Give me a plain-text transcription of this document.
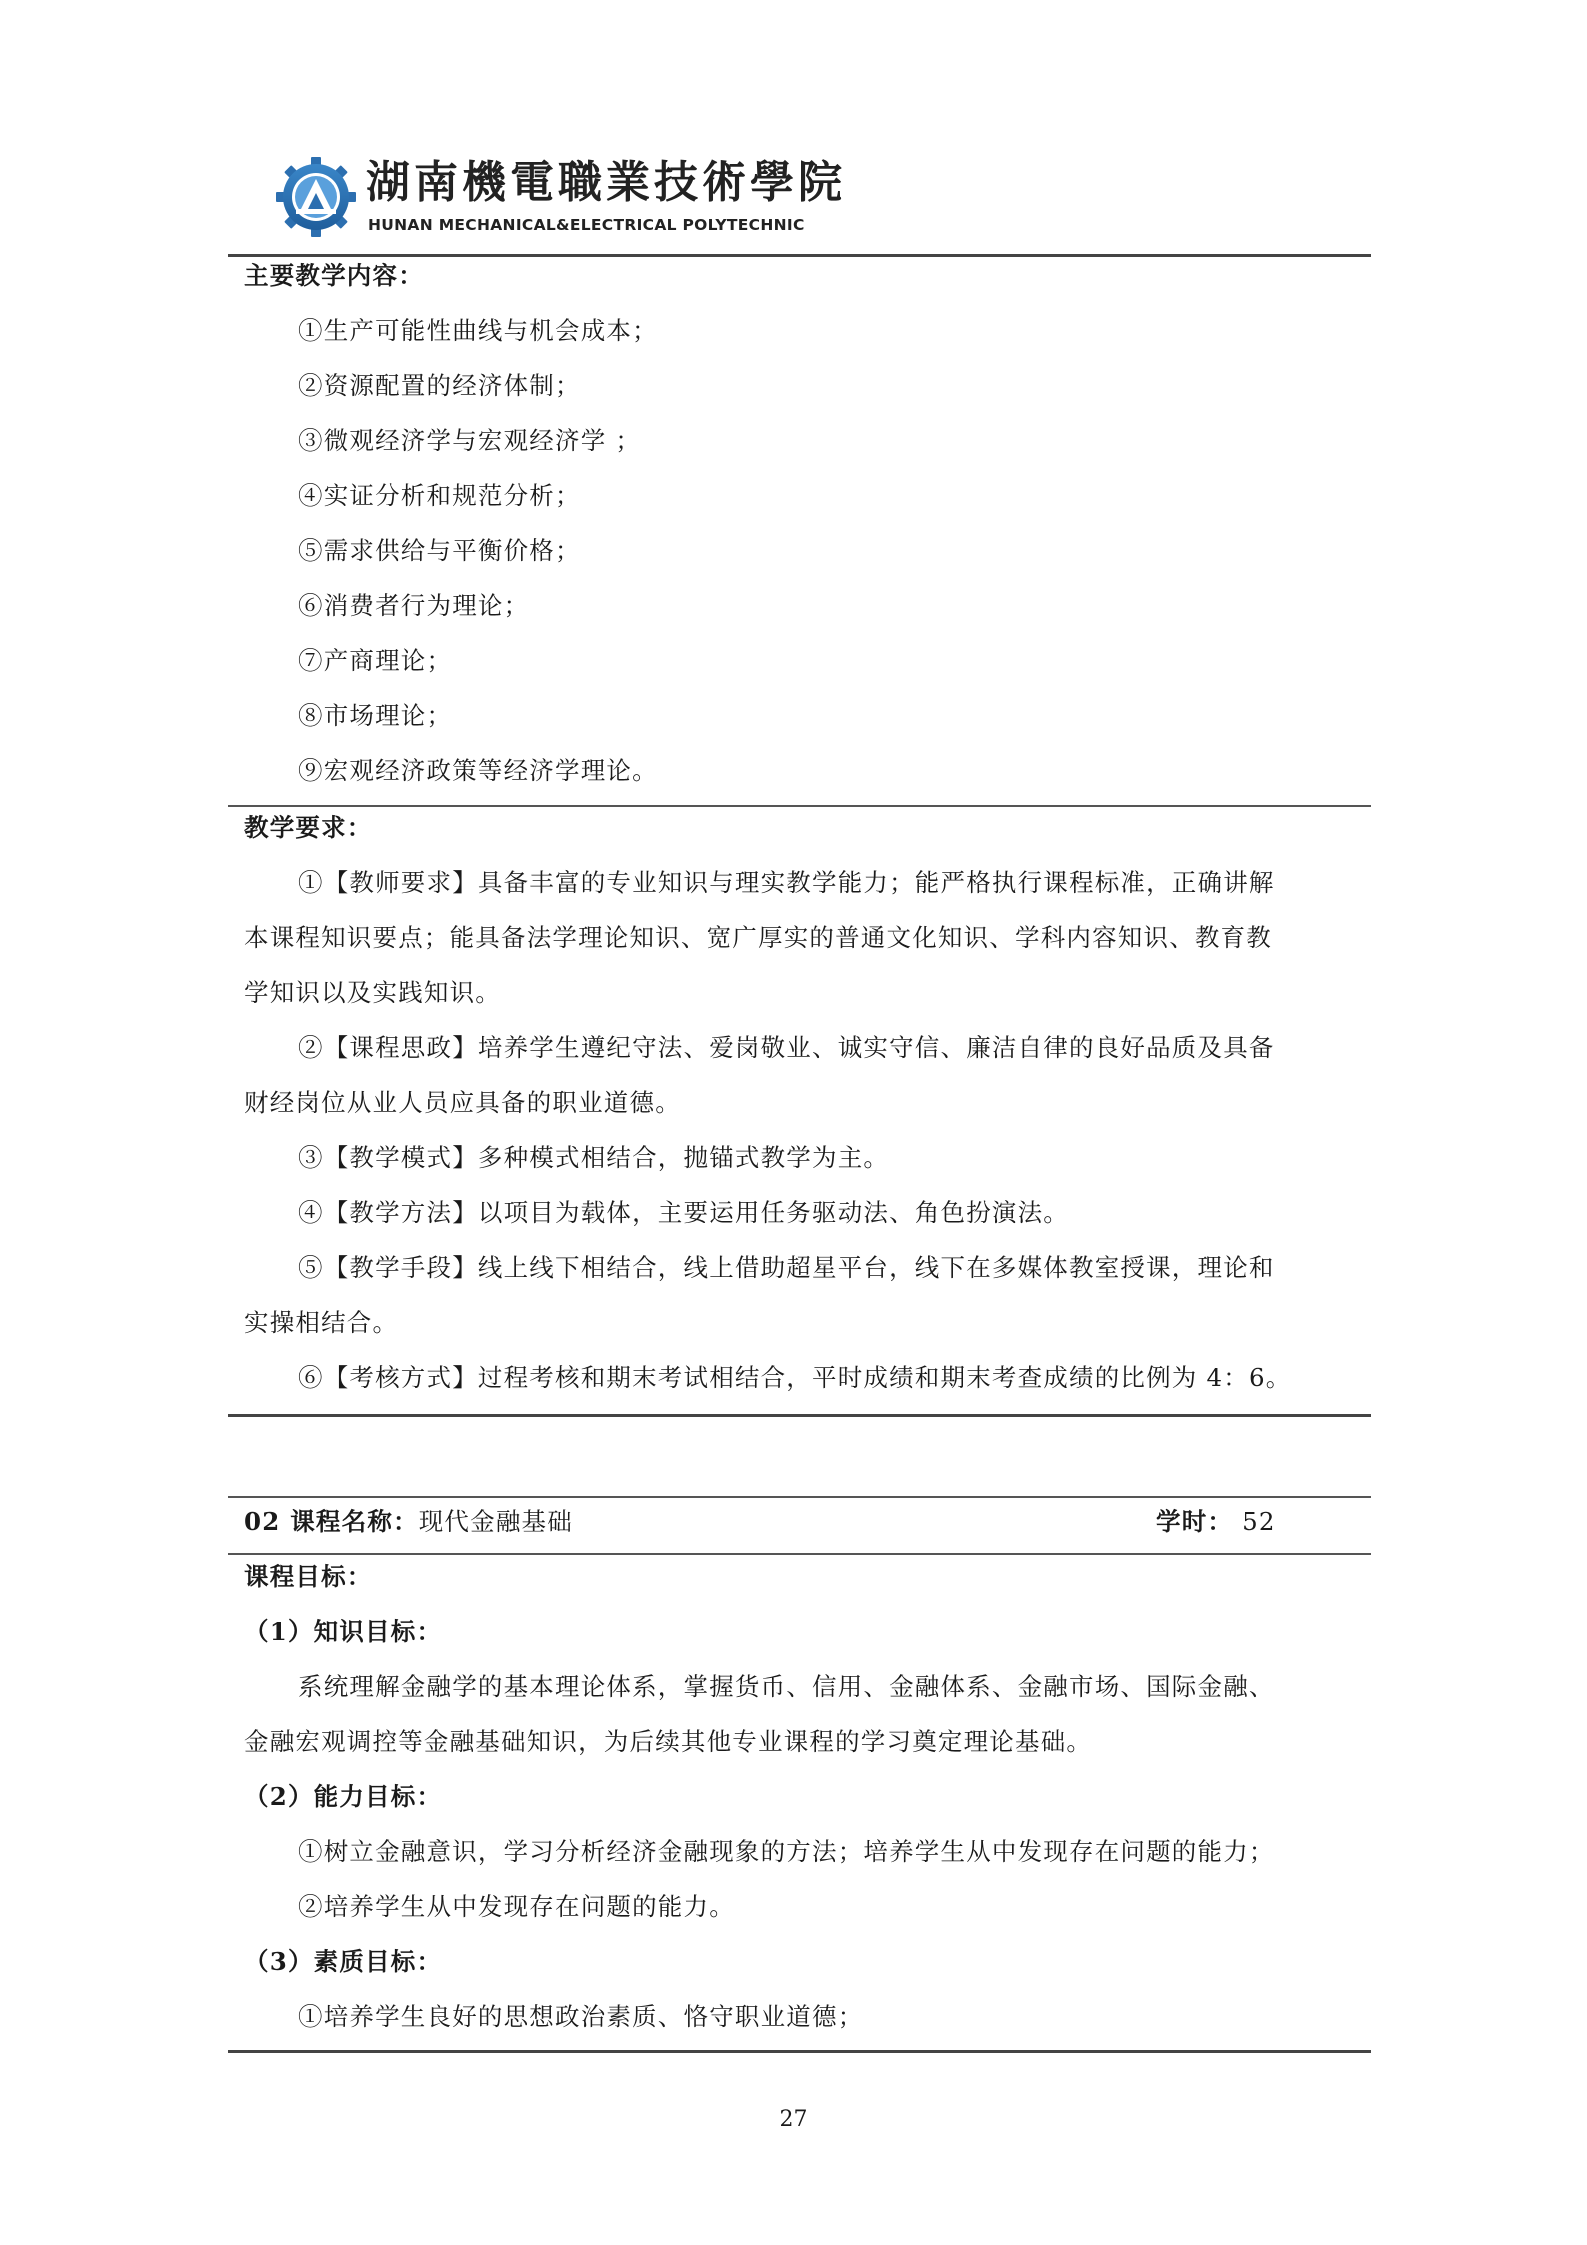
湖南機電職業技術學院
HUNAN MECHANICAL&ELECTRICAL POLYTECHNIC
主要教学内容：
①生产可能性曲线与机会成本；
②资源配置的经济体制；
③微观经济学与宏观经济学 ；
④实证分析和规范分析；
⑤需求供给与平衡价格；
⑥消费者行为理论；
⑦产商理论；
⑧市场理论；
⑨宏观经济政策等经济学理论。
教学要求：
①【教师要求】具备丰富的专业知识与理实教学能力；能严格执行课程标准，正确讲解
本课程知识要点；能具备法学理论知识、宽广厚实的普通文化知识、学科内容知识、教育教
学知识以及实践知识。
②【课程思政】培养学生遵纪守法、爱岗敬业、诚实守信、廉洁自律的良好品质及具备
财经岗位从业人员应具备的职业道德。
③【教学模式】多种模式相结合，抛锚式教学为主。
④【教学方法】以项目为载体，主要运用任务驱动法、角色扮演法。
⑤【教学手段】线上线下相结合，线上借助超星平台，线下在多媒体教室授课，理论和
实操相结合。
⑥【考核方式】过程考核和期末考试相结合，平时成绩和期末考查成绩的比例为 4：6。
02 课程名称：现代金融基础	学时： 52
课程目标：
（1）知识目标：
系统理解金融学的基本理论体系，掌握货币、信用、金融体系、金融市场、国际金融、
金融宏观调控等金融基础知识，为后续其他专业课程的学习奠定理论基础。
（2）能力目标：
①树立金融意识，学习分析经济金融现象的方法；培养学生从中发现存在问题的能力；
②培养学生从中发现存在问题的能力。
（3）素质目标：
①培养学生良好的思想政治素质、恪守职业道德；
27
